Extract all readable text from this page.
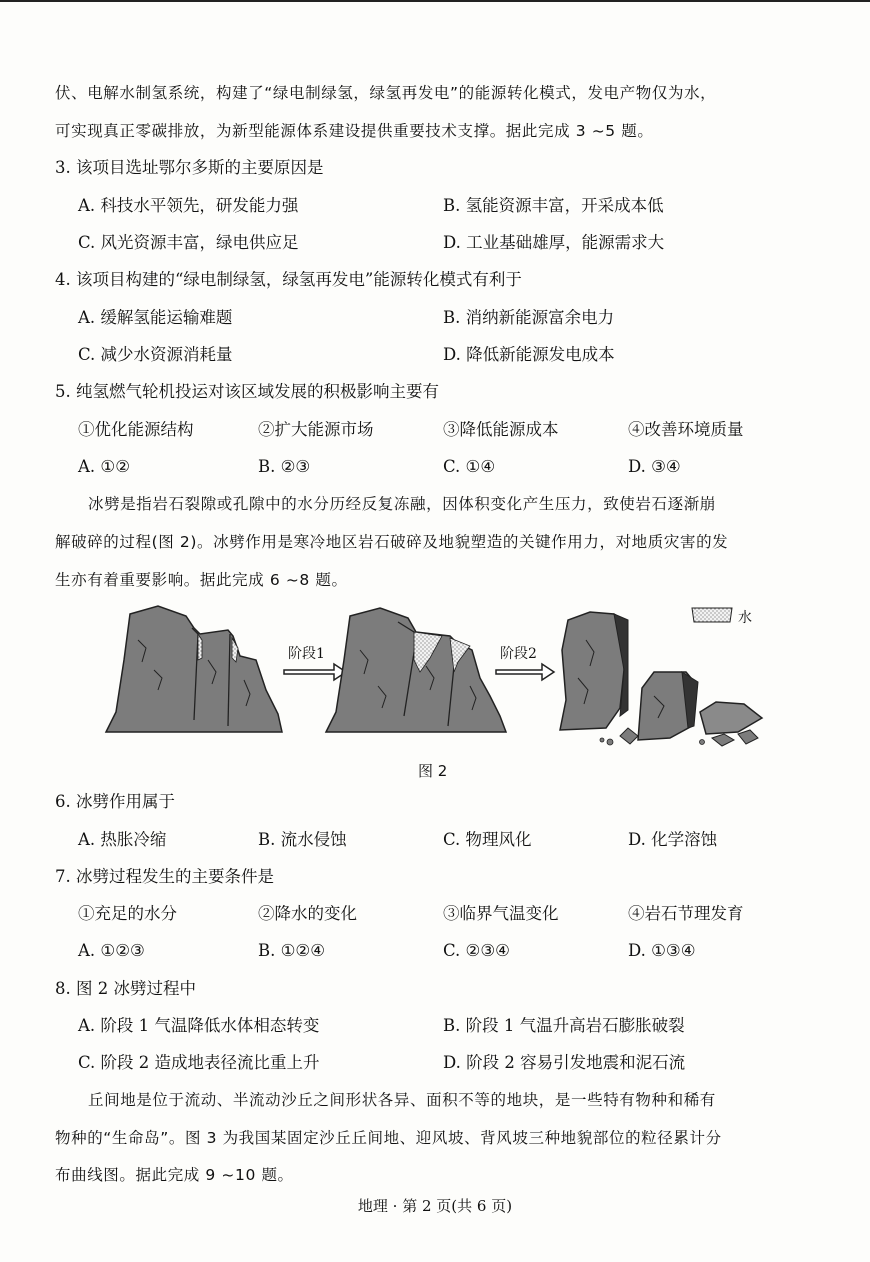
伏、电解水制氢系统，构建了“绿电制绿氢，绿氢再发电”的能源转化模式，发电产物仅为水，
可实现真正零碳排放，为新型能源体系建设提供重要技术支撑。据此完成 3 ~5 题。
3. 该项目选址鄂尔多斯的主要原因是
A. 科技水平领先，研发能力强	B. 氢能资源丰富，开采成本低
C. 风光资源丰富，绿电供应足	D. 工业基础雄厚，能源需求大
4. 该项目构建的“绿电制绿氢，绿氢再发电”能源转化模式有利于
A. 缓解氢能运输难题	B. 消纳新能源富余电力
C. 减少水资源消耗量	D. 降低新能源发电成本
5. 纯氢燃气轮机投运对该区域发展的积极影响主要有
①优化能源结构	②扩大能源市场	③降低能源成本	④改善环境质量
A. ①②	B. ②③	C. ①④	D. ③④
冰劈是指岩石裂隙或孔隙中的水分历经反复冻融，因体积变化产生压力，致使岩石逐渐崩
解破碎的过程(图 2)。冰劈作用是寒冷地区岩石破碎及地貌塑造的关键作用力，对地质灾害的发
生亦有着重要影响。据此完成 6 ~8 题。
阶段1	阶段2
水
图 2
6. 冰劈作用属于
A. 热胀冷缩	B. 流水侵蚀	C. 物理风化	D. 化学溶蚀
7. 冰劈过程发生的主要条件是
①充足的水分	②降水的变化	③临界气温变化	④岩石节理发育
A. ①②③	B. ①②④	C. ②③④	D. ①③④
8. 图 2 冰劈过程中
A. 阶段 1 气温降低水体相态转变	B. 阶段 1 气温升高岩石膨胀破裂
C. 阶段 2 造成地表径流比重上升	D. 阶段 2 容易引发地震和泥石流
丘间地是位于流动、半流动沙丘之间形状各异、面积不等的地块，是一些特有物种和稀有
物种的“生命岛”。图 3 为我国某固定沙丘丘间地、迎风坡、背风坡三种地貌部位的粒径累计分
布曲线图。据此完成 9 ~10 题。
地理 · 第 2 页(共 6 页)
